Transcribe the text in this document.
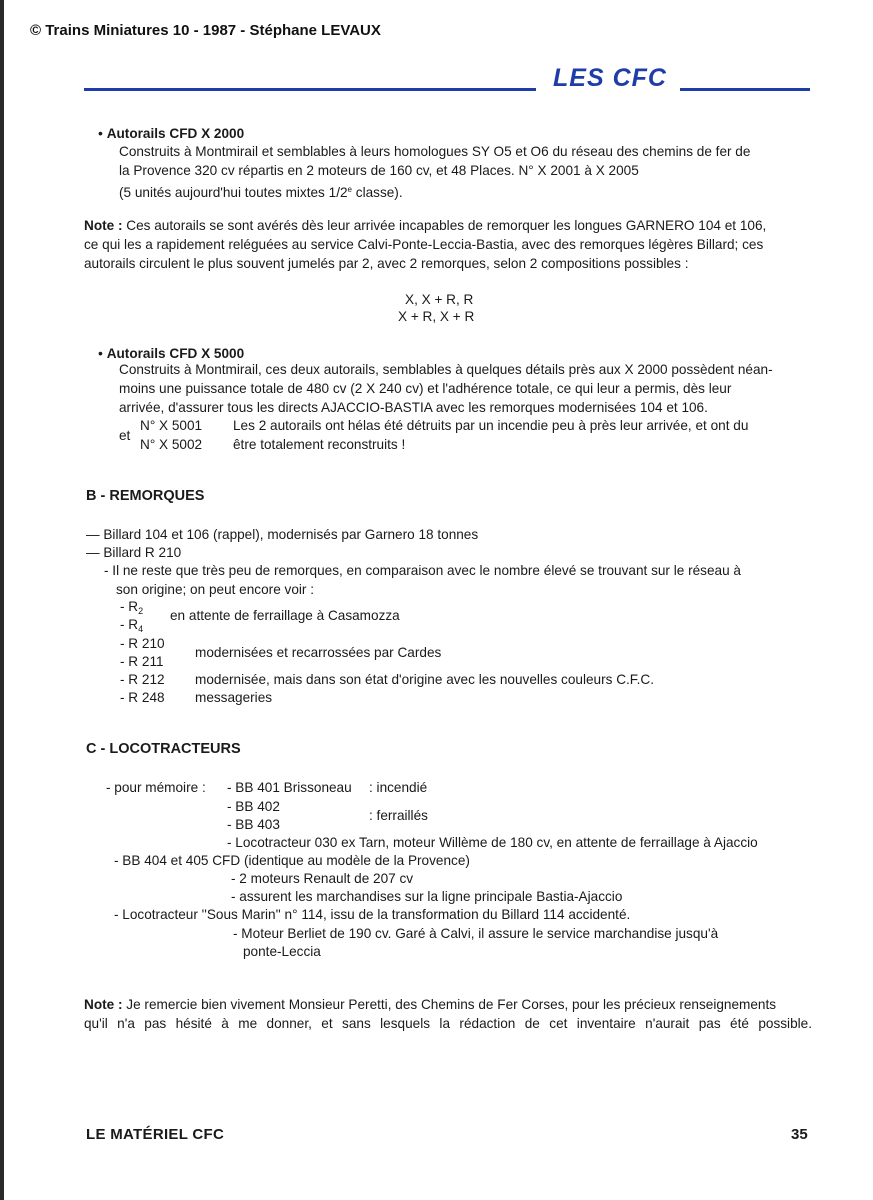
© Trains Miniatures 10 - 1987 - Stéphane LEVAUX
LES CFC
• Autorails CFD X 2000
Construits à Montmirail et semblables à leurs homologues SY O5 et O6 du réseau des chemins de fer de
la Provence 320 cv répartis en 2 moteurs de 160 cv, et 48 Places. N° X 2001 à X 2005
(5 unités aujourd'hui toutes mixtes 1/2e classe).
Note : Ces autorails se sont avérés dès leur arrivée incapables de remorquer les longues GARNERO 104 et 106,
ce qui les a rapidement reléguées au service Calvi-Ponte-Leccia-Bastia, avec des remorques légères Billard; ces
autorails circulent le plus souvent jumelés par 2, avec 2 remorques, selon 2 compositions possibles :
X, X + R, R
X + R, X + R
• Autorails CFD X 5000
Construits à Montmirail, ces deux autorails, semblables à quelques détails près aux X 2000 possèdent néan-
moins une puissance totale de 480 cv (2 X 240 cv) et l'adhérence totale, ce qui leur a permis, dès leur
arrivée, d'assurer tous les directs AJACCIO-BASTIA avec les remorques modernisées 104 et 106.
et
N° X 5001
N° X 5002
Les 2 autorails ont hélas été détruits par un incendie peu à près leur arrivée, et ont du
être totalement reconstruits !
B - REMORQUES
— Billard 104 et 106 (rappel), modernisés par Garnero 18 tonnes
— Billard R 210
- Il ne reste que très peu de remorques, en comparaison avec le nombre élevé se trouvant sur le réseau à
son origine; on peut encore voir :
- $R_2$
- $R_4$
en attente de ferraillage à Casamozza
- R 210
- R 211
modernisées et recarrossées par Cardes
- R 212 modernisée, mais dans son état d'origine avec les nouvelles couleurs C.F.C.
- R 248 messageries
C - LOCOTRACTEURS
- pour mémoire : - BB 401 Brissoneau : incendié
- BB 402
- BB 403
: ferraillés
- Locotracteur 030 ex Tarn, moteur Willème de 180 cv, en attente de ferraillage à Ajaccio
- BB 404 et 405 CFD (identique au modèle de la Provence)
- 2 moteurs Renault de 207 cv
- assurent les marchandises sur la ligne principale Bastia-Ajaccio
- Locotracteur ''Sous Marin'' n° 114, issu de la transformation du Billard 114 accidenté.
- Moteur Berliet de 190 cv. Garé à Calvi, il assure le service marchandise jusqu'à
ponte-Leccia
Note : Je remercie bien vivement Monsieur Peretti, des Chemins de Fer Corses, pour les précieux renseignements
qu'il n'a pas hésité à me donner, et sans lesquels la rédaction de cet inventaire n'aurait pas été possible.
LE MATÉRIEL CFC	35
